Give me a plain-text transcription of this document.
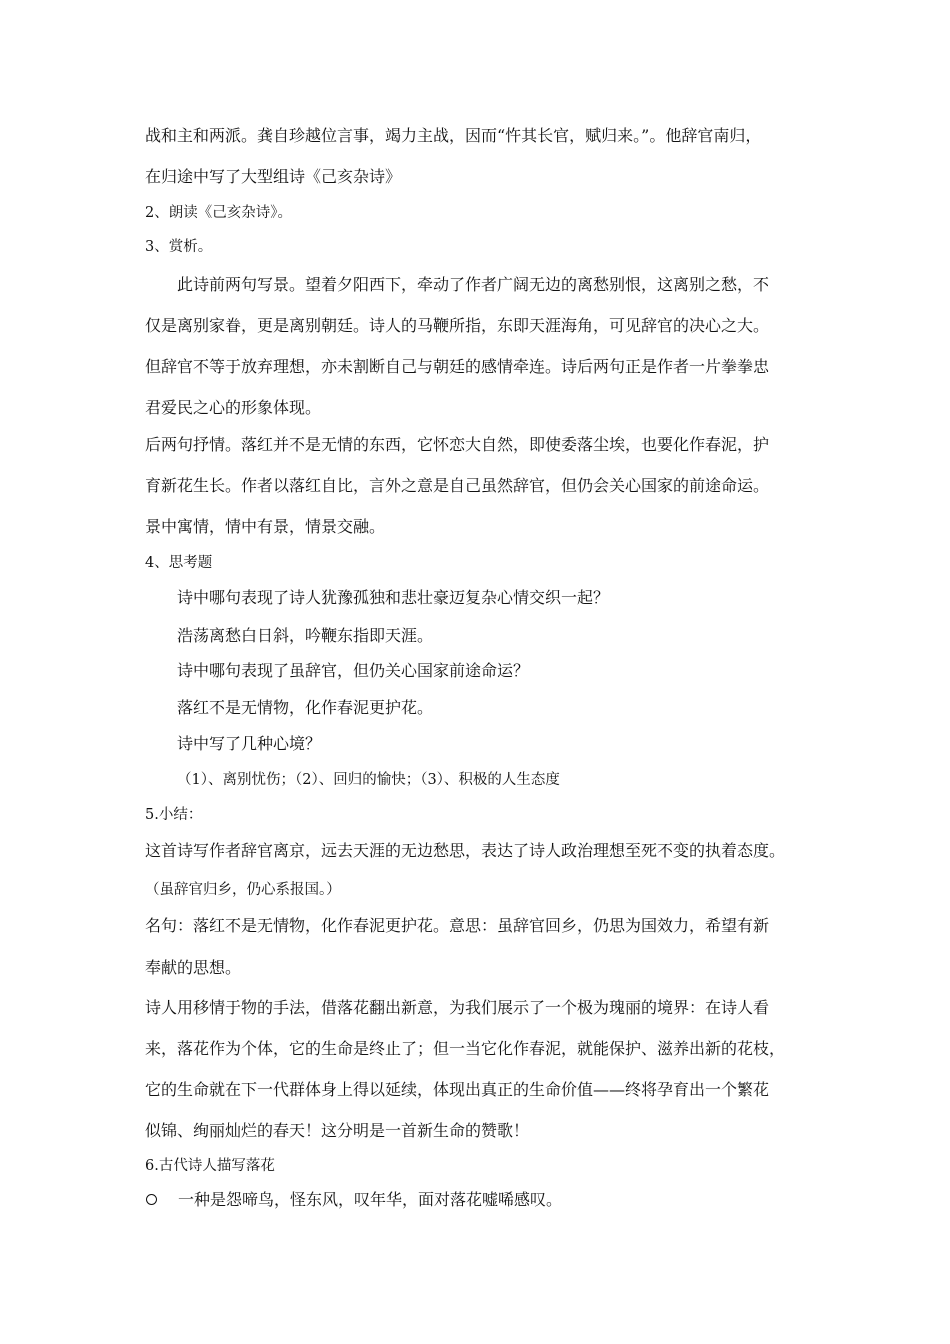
战和主和两派。龚自珍越位言事，竭力主战，因而“忤其长官，赋归来。”。他辞官南归，
在归途中写了大型组诗《己亥杂诗》
2、朗读《己亥杂诗》。
3、赏析。
此诗前两句写景。望着夕阳西下，牵动了作者广阔无边的离愁别恨，这离别之愁，不
仅是离别家眷，更是离别朝廷。诗人的马鞭所指，东即天涯海角，可见辞官的决心之大。
但辞官不等于放弃理想，亦未割断自己与朝廷的感情牵连。诗后两句正是作者一片拳拳忠
君爱民之心的形象体现。
后两句抒情。落红并不是无情的东西，它怀恋大自然，即使委落尘埃，也要化作春泥，护
育新花生长。作者以落红自比，言外之意是自己虽然辞官，但仍会关心国家的前途命运。
景中寓情，情中有景，情景交融。
4、思考题
诗中哪句表现了诗人犹豫孤独和悲壮豪迈复杂心情交织一起？
浩荡离愁白日斜，吟鞭东指即天涯。
诗中哪句表现了虽辞官，但仍关心国家前途命运？
落红不是无情物，化作春泥更护花。
诗中写了几种心境？
（1）、离别忧伤；（2）、回归的愉快；（3）、积极的人生态度
5.小结：
这首诗写作者辞官离京，远去天涯的无边愁思，表达了诗人政治理想至死不变的执着态度。
（虽辞官归乡，仍心系报国。）
名句：落红不是无情物，化作春泥更护花。意思：虽辞官回乡，仍思为国效力，希望有新
奉献的思想。
诗人用移情于物的手法，借落花翻出新意，为我们展示了一个极为瑰丽的境界：在诗人看
来，落花作为个体，它的生命是终止了；但一当它化作春泥，就能保护、滋养出新的花枝，
它的生命就在下一代群体身上得以延续，体现出真正的生命价值——终将孕育出一个繁花
似锦、绚丽灿烂的春天！这分明是一首新生命的赞歌！
6.古代诗人描写落花
一种是怨啼鸟，怪东风，叹年华，面对落花嘘唏感叹。
